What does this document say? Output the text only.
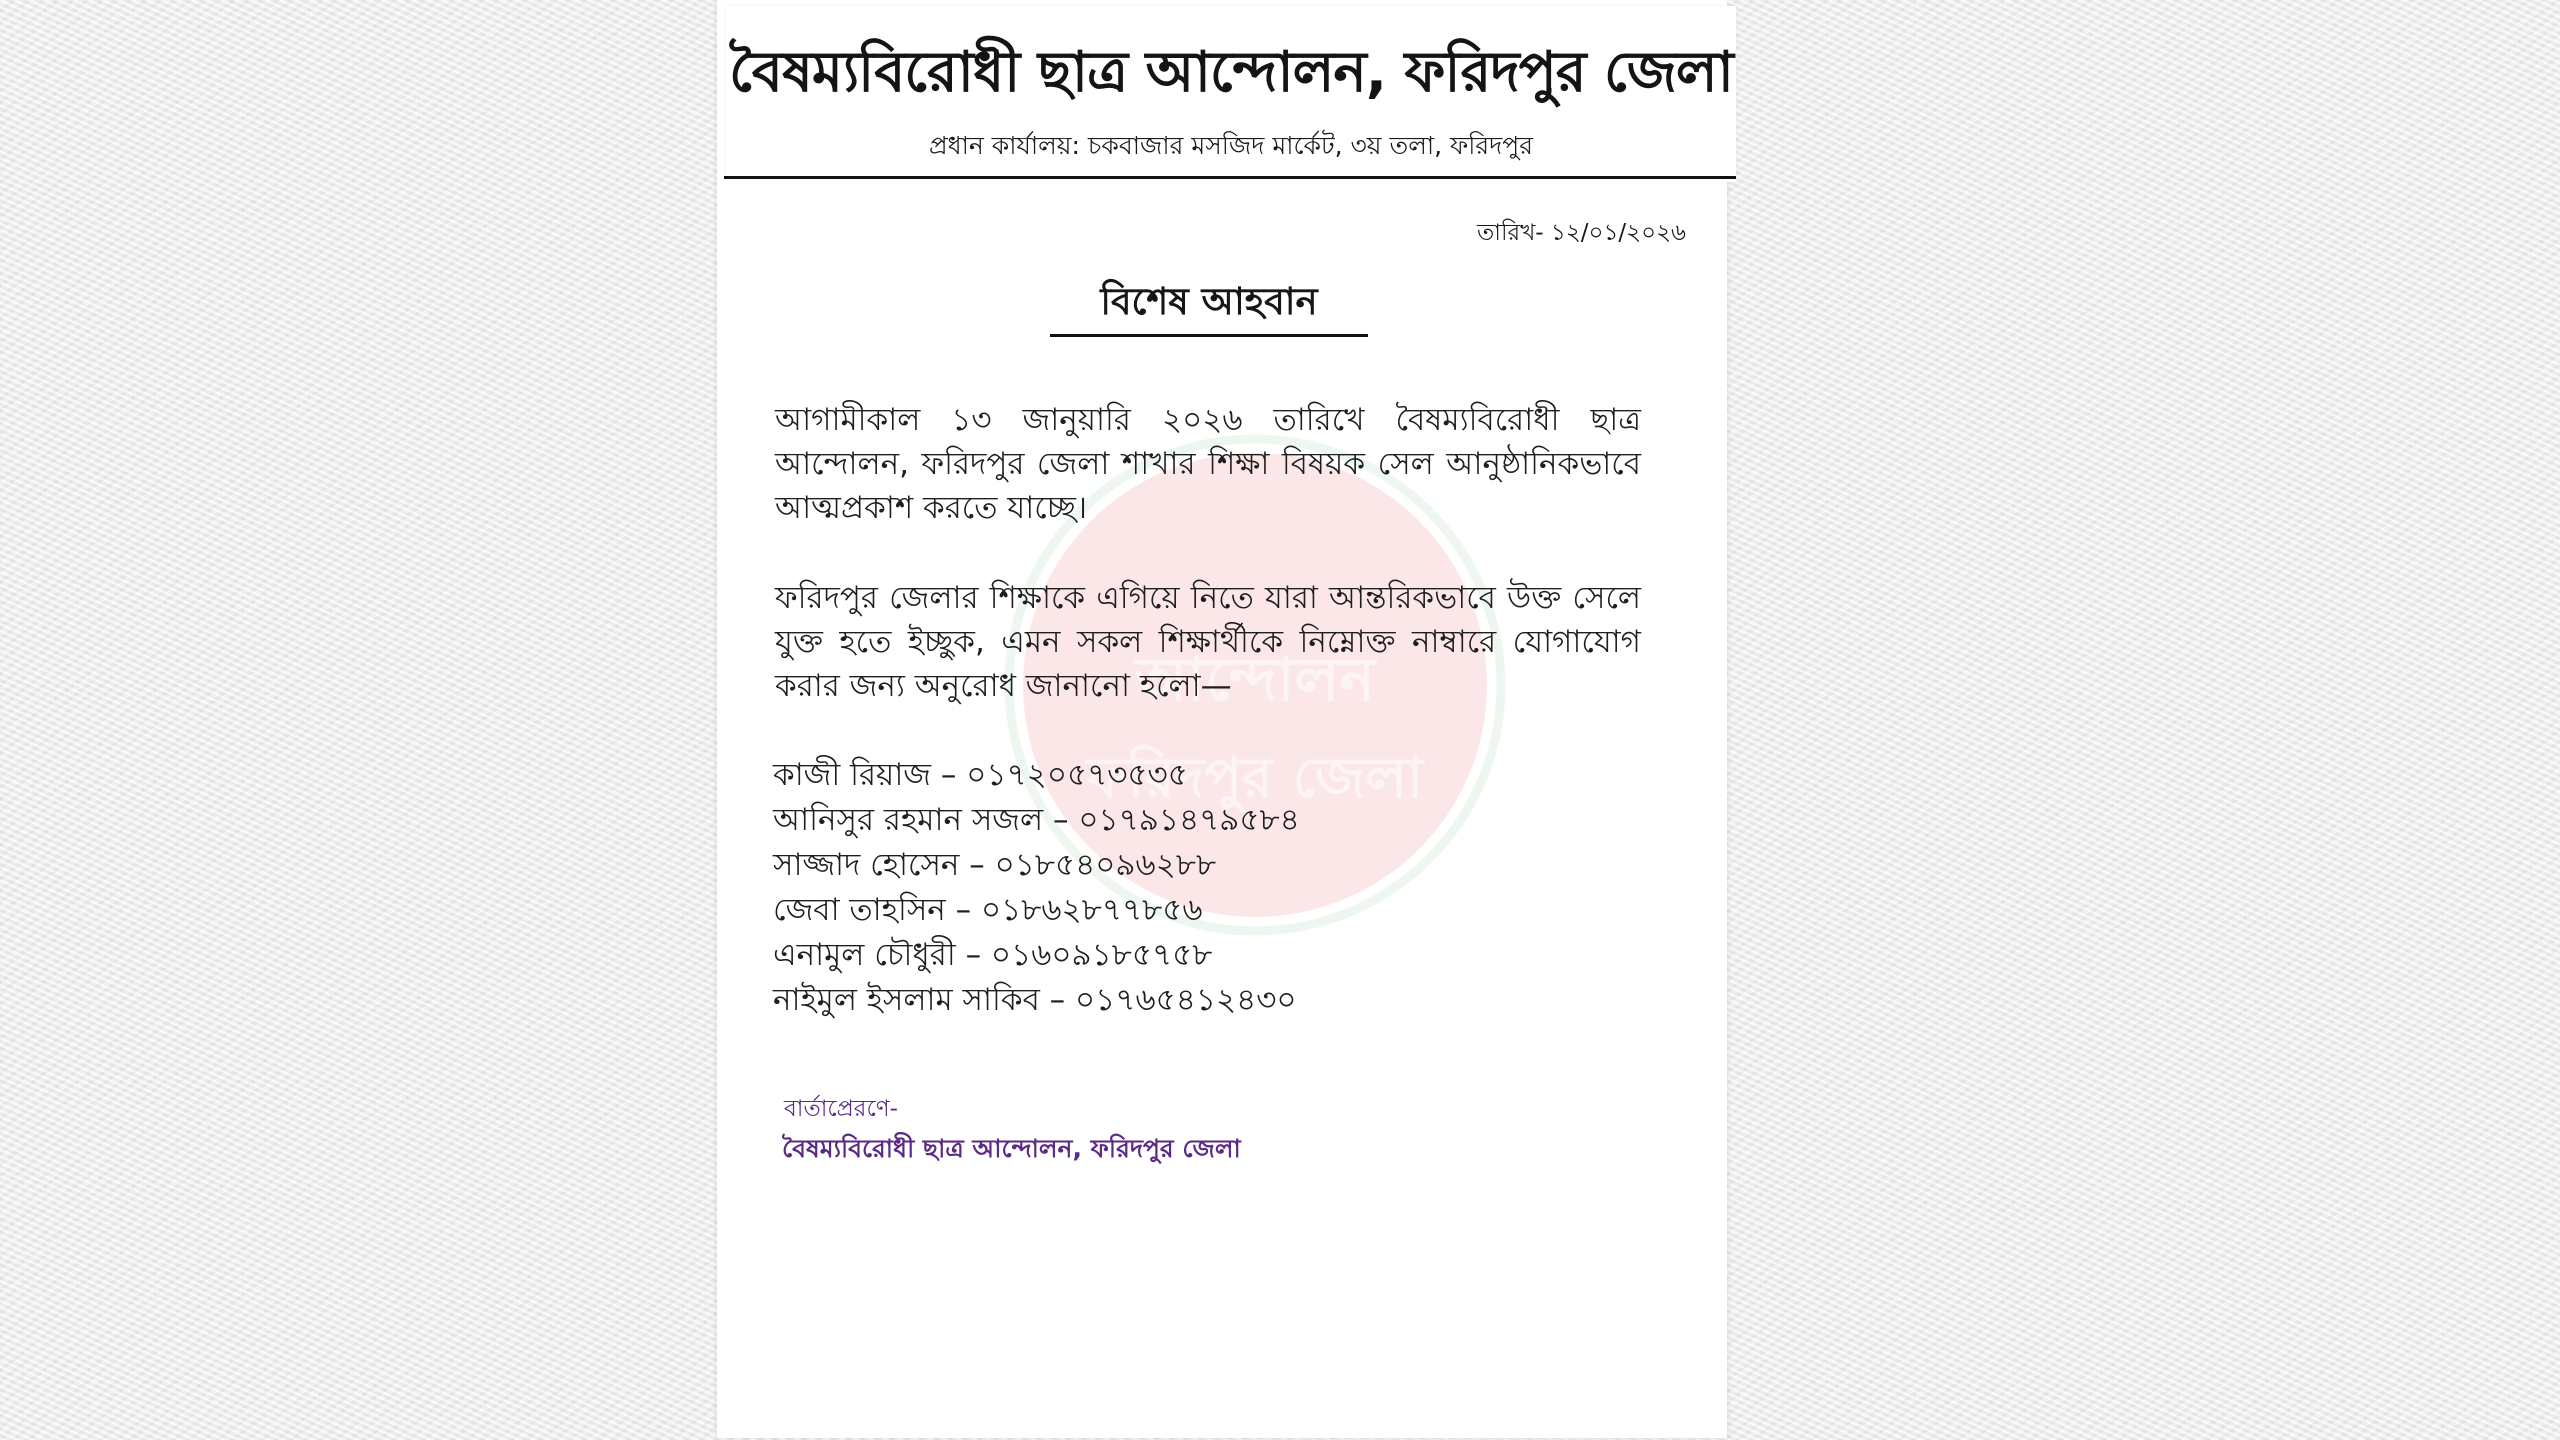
বৈষম্যবিরোধী ছাত্র আন্দোলন, ফরিদপুর জেলা
প্রধান কার্যালয়: চকবাজার মসজিদ মার্কেট, ৩য় তলা, ফরিদপুর
তারিখ- ১২/০১/২০২৬
আন্দোলন
ফরিদপুর জেলা
বিশেষ আহবান

আগামীকাল ১৩ জানুয়ারি ২০২৬ তারিখে বৈষম্যবিরোধী ছাত্র আন্দোলন, ফরিদপুর জেলা শাখার শিক্ষা বিষয়ক সেল আনুষ্ঠানিকভাবে আত্মপ্রকাশ করতে যাচ্ছে।

ফরিদপুর জেলার শিক্ষাকে এগিয়ে নিতে যারা আন্তরিকভাবে উক্ত সেলে যুক্ত হতে ইচ্ছুক, এমন সকল শিক্ষার্থীকে নিম্নোক্ত নাম্বারে যোগাযোগ করার জন্য অনুরোধ জানানো হলো—

কাজী রিয়াজ – ০১৭২০৫৭৩৫৩৫
আনিসুর রহমান সজল – ০১৭৯১৪৭৯৫৮৪
সাজ্জাদ হোসেন – ০১৮৫৪০৯৬২৮৮
জেবা তাহসিন – ০১৮৬২৮৭৭৮৫৬
এনামুল চৌধুরী – ০১৬০৯১৮৫৭৫৮
নাইমুল ইসলাম সাকিব – ০১৭৬৫৪১২৪৩০
বার্তাপ্রেরণে-
বৈষম্যবিরোধী ছাত্র আন্দোলন, ফরিদপুর জেলা
